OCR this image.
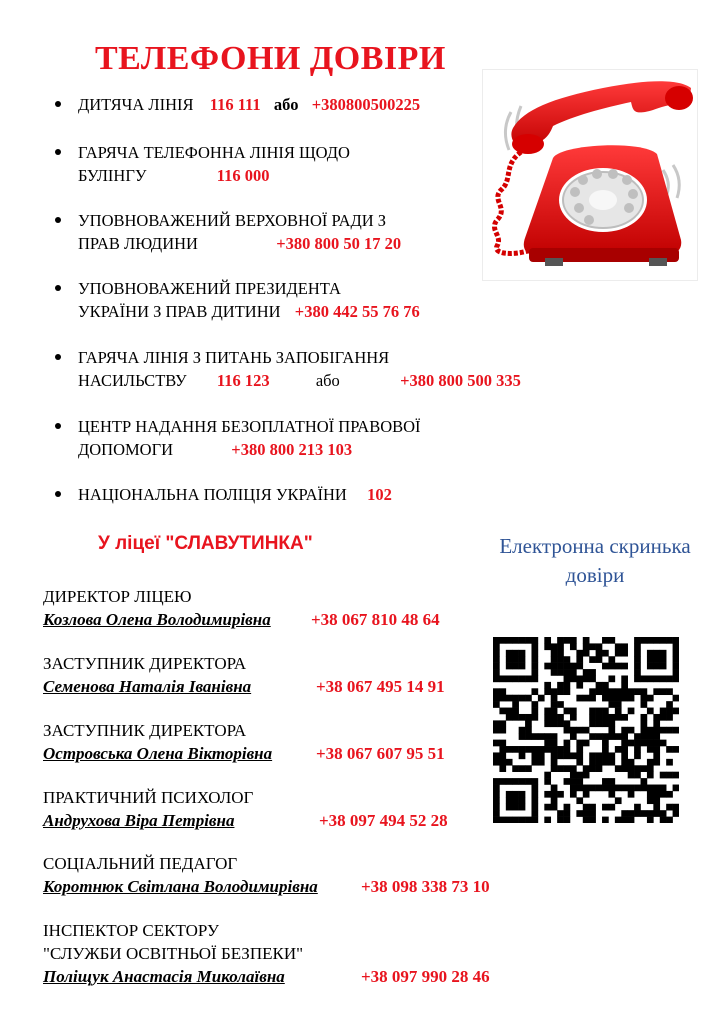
ТЕЛЕФОНИ ДОВІРИ
ДИТЯЧА ЛІНІЯ 116 111 або +380800500225
ГАРЯЧА ТЕЛЕФОННА ЛІНІЯ ЩОДО
БУЛІНГУ	116 000
УПОВНОВАЖЕНИЙ ВЕРХОВНОЇ РАДИ З
ПРАВ ЛЮДИНИ	+380 800 50 17 20
УПОВНОВАЖЕНИЙ ПРЕЗИДЕНТА
УКРАЇНИ З ПРАВ ДИТИНИ +380 442 55 76 76
ГАРЯЧА ЛІНІЯ З ПИТАНЬ ЗАПОБІГАННЯ
НАСИЛЬСТВУ 116 123	або	+380 800 500 335
ЦЕНТР НАДАННЯ БЕЗОПЛАТНОЇ ПРАВОВОЇ
ДОПОМОГИ	+380 800 213 103
НАЦІОНАЛЬНА ПОЛІЦІЯ УКРАЇНИ 102
У ліцеї "СЛАВУТИНКА"	Електронна скринька
довіри
ДИРЕКТОР ЛІЦЕЮ
Козлова Олена Володимирівна +38 067 810 48 64
ЗАСТУПНИК ДИРЕКТОРА
Семенова Наталія Іванівна	+38 067 495 14 91
ЗАСТУПНИК ДИРЕКТОРА
Островська Олена Вікторівна	+38 067 607 95 51
ПРАКТИЧНИЙ ПСИХОЛОГ
Андрухова Віра Петрівна	+38 097 494 52 28
СОЦІАЛЬНИЙ ПЕДАГОГ
Коротнюк Світлана Володимирівна	+38 098 338 73 10
ІНСПЕКТОР СЕКТОРУ
"СЛУЖБИ ОСВІТНЬОЇ БЕЗПЕКИ"
Поліщук Анастасія Миколаївна	+38 097 990 28 46
